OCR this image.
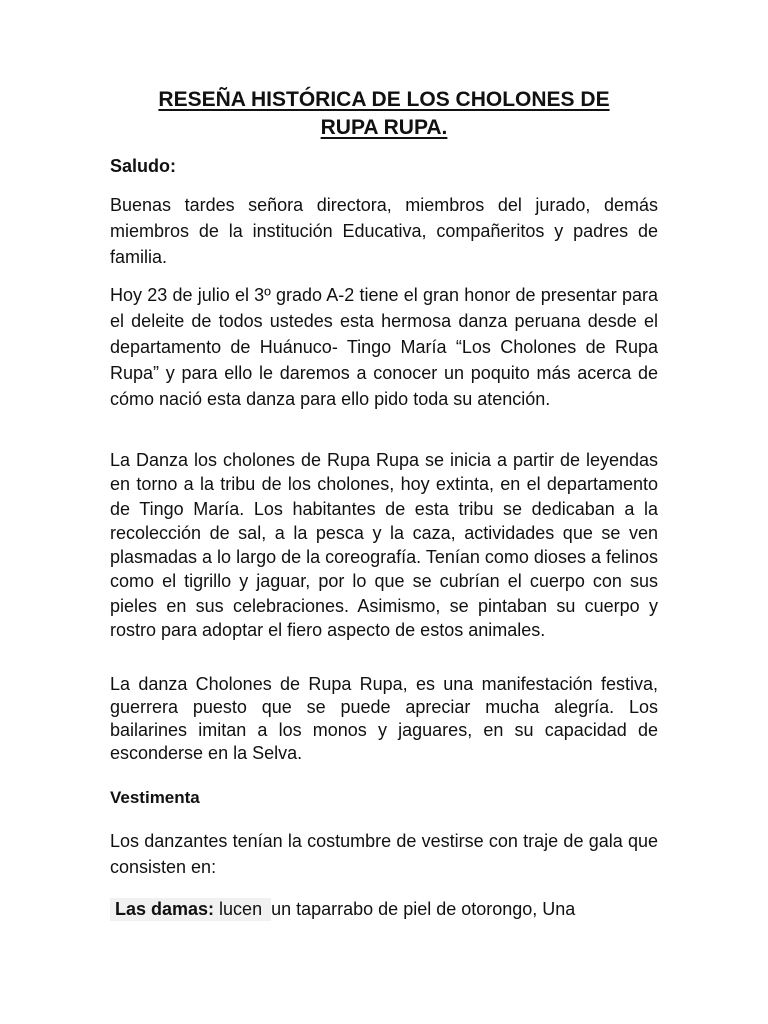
RESEÑA HISTÓRICA DE LOS CHOLONES DE
RUPA RUPA.

Saludo:

Buenas tardes señora directora, miembros del jurado, demás miembros de la institución Educativa, compañeritos y padres de familia.

Hoy 23 de julio el 3º grado A-2 tiene el gran honor de presentar para el deleite de todos ustedes esta hermosa danza peruana desde el departamento de Huánuco- Tingo María “Los Cholones de Rupa Rupa” y para ello le daremos a conocer un poquito más acerca de cómo nació esta danza para ello pido toda su atención.

La Danza los cholones de Rupa Rupa se inicia a partir de leyendas en torno a la tribu de los cholones, hoy extinta, en el departamento de Tingo María. Los habitantes de esta tribu se dedicaban a la recolección de sal, a la pesca y la caza, actividades que se ven plasmadas a lo largo de la coreografía. Tenían como dioses a felinos como el tigrillo y jaguar, por lo que se cubrían el cuerpo con sus pieles en sus celebraciones. Asimismo, se pintaban su cuerpo y rostro para adoptar el fiero aspecto de estos animales.

La danza Cholones de Rupa Rupa, es una manifestación festiva, guerrera puesto que se puede apreciar mucha alegría. Los bailarines imitan a los monos y jaguares, en su capacidad de esconderse en la Selva.

Vestimenta

Los danzantes tenían la costumbre de vestirse con traje de gala que consisten en:

Las damas: lucen un taparrabo de piel de otorongo, Una
